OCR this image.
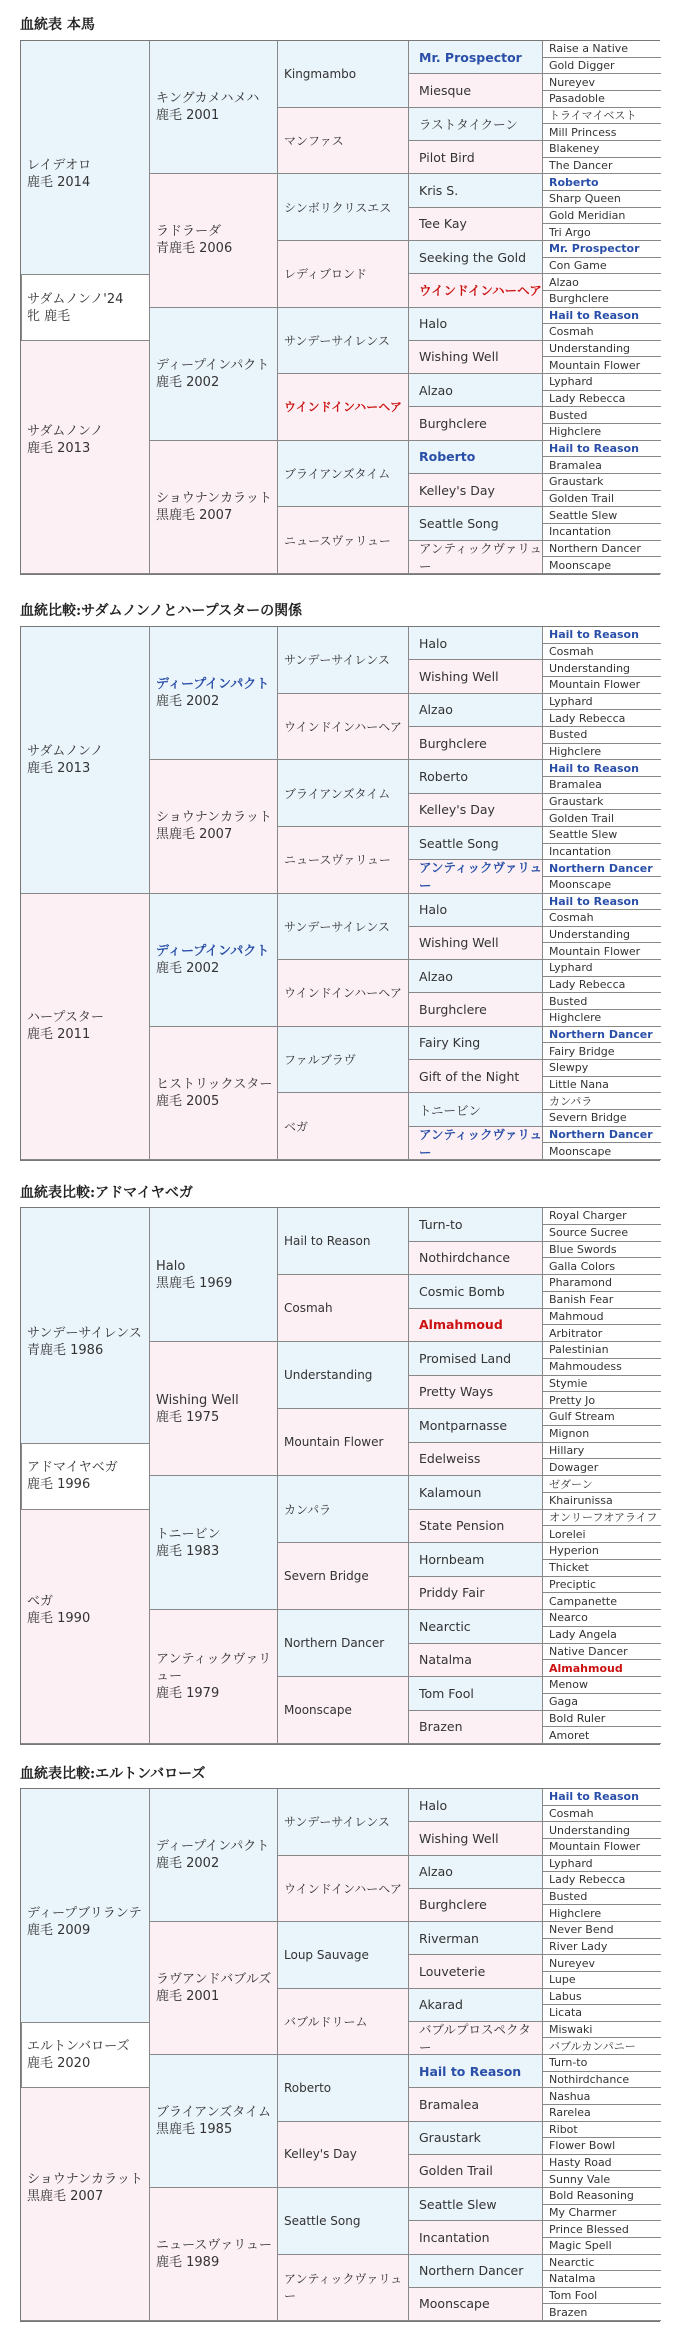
血統表 本馬
レイデオロ
鹿毛 2014
キングカメハメハ
鹿毛 2001
Kingmambo
Mr. Prospector
Raise a Native
Gold Digger
Miesque
Nureyev
Pasadoble
マンファス
ラストタイクーン
トライマイベスト
Mill Princess
Pilot Bird
Blakeney
The Dancer
ラドラーダ
青鹿毛 2006
シンボリクリスエス
Kris S.
Roberto
Sharp Queen
Tee Kay
Gold Meridian
Tri Argo
レディブロンド
Seeking the Gold
Mr. Prospector
Con Game
ウインドインハーヘア
Alzao
Burghclere
サダムノンノ
鹿毛 2013
ディープインパクト
鹿毛 2002
サンデーサイレンス
Halo
Hail to Reason
Cosmah
Wishing Well
Understanding
Mountain Flower
ウインドインハーヘア
Alzao
Lyphard
Lady Rebecca
Burghclere
Busted
Highclere
ショウナンカラット
黒鹿毛 2007
ブライアンズタイム
Roberto
Hail to Reason
Bramalea
Kelley's Day
Graustark
Golden Trail
ニュースヴァリュー
Seattle Song
Seattle Slew
Incantation
アンティックヴァリュー
Northern Dancer
Moonscape
サダムノンノ'24
牝 鹿毛
血統比較:サダムノンノとハープスターの関係
サダムノンノ
鹿毛 2013
ディープインパクト
鹿毛 2002
サンデーサイレンス
Halo
Hail to Reason
Cosmah
Wishing Well
Understanding
Mountain Flower
ウインドインハーヘア
Alzao
Lyphard
Lady Rebecca
Burghclere
Busted
Highclere
ショウナンカラット
黒鹿毛 2007
ブライアンズタイム
Roberto
Hail to Reason
Bramalea
Kelley's Day
Graustark
Golden Trail
ニュースヴァリュー
Seattle Song
Seattle Slew
Incantation
アンティックヴァリュー
Northern Dancer
Moonscape
ハープスター
鹿毛 2011
ディープインパクト
鹿毛 2002
サンデーサイレンス
Halo
Hail to Reason
Cosmah
Wishing Well
Understanding
Mountain Flower
ウインドインハーヘア
Alzao
Lyphard
Lady Rebecca
Burghclere
Busted
Highclere
ヒストリックスター
鹿毛 2005
ファルブラヴ
Fairy King
Northern Dancer
Fairy Bridge
Gift of the Night
Slewpy
Little Nana
ベガ
トニービン
カンパラ
Severn Bridge
アンティックヴァリュー
Northern Dancer
Moonscape
血統表比較:アドマイヤベガ
サンデーサイレンス
青鹿毛 1986
Halo
黒鹿毛 1969
Hail to Reason
Turn-to
Royal Charger
Source Sucree
Nothirdchance
Blue Swords
Galla Colors
Cosmah
Cosmic Bomb
Pharamond
Banish Fear
Almahmoud
Mahmoud
Arbitrator
Wishing Well
鹿毛 1975
Understanding
Promised Land
Palestinian
Mahmoudess
Pretty Ways
Stymie
Pretty Jo
Mountain Flower
Montparnasse
Gulf Stream
Mignon
Edelweiss
Hillary
Dowager
ベガ
鹿毛 1990
トニービン
鹿毛 1983
カンパラ
Kalamoun
ゼダーン
Khairunissa
State Pension
オンリーフオアライフ
Lorelei
Severn Bridge
Hornbeam
Hyperion
Thicket
Priddy Fair
Preciptic
Campanette
アンティックヴァリュー
鹿毛 1979
Northern Dancer
Nearctic
Nearco
Lady Angela
Natalma
Native Dancer
Almahmoud
Moonscape
Tom Fool
Menow
Gaga
Brazen
Bold Ruler
Amoret
アドマイヤベガ
鹿毛 1996
血統表比較:エルトンバローズ
ディープブリランテ
鹿毛 2009
ディープインパクト
鹿毛 2002
サンデーサイレンス
Halo
Hail to Reason
Cosmah
Wishing Well
Understanding
Mountain Flower
ウインドインハーヘア
Alzao
Lyphard
Lady Rebecca
Burghclere
Busted
Highclere
ラヴアンドバブルズ
鹿毛 2001
Loup Sauvage
Riverman
Never Bend
River Lady
Louveterie
Nureyev
Lupe
バブルドリーム
Akarad
Labus
Licata
バブルプロスペクター
Miswaki
バブルカンパニー
ショウナンカラット
黒鹿毛 2007
ブライアンズタイム
黒鹿毛 1985
Roberto
Hail to Reason
Turn-to
Nothirdchance
Bramalea
Nashua
Rarelea
Kelley's Day
Graustark
Ribot
Flower Bowl
Golden Trail
Hasty Road
Sunny Vale
ニュースヴァリュー
鹿毛 1989
Seattle Song
Seattle Slew
Bold Reasoning
My Charmer
Incantation
Prince Blessed
Magic Spell
アンティックヴァリュー
Northern Dancer
Nearctic
Natalma
Moonscape
Tom Fool
Brazen
エルトンバローズ
鹿毛 2020
